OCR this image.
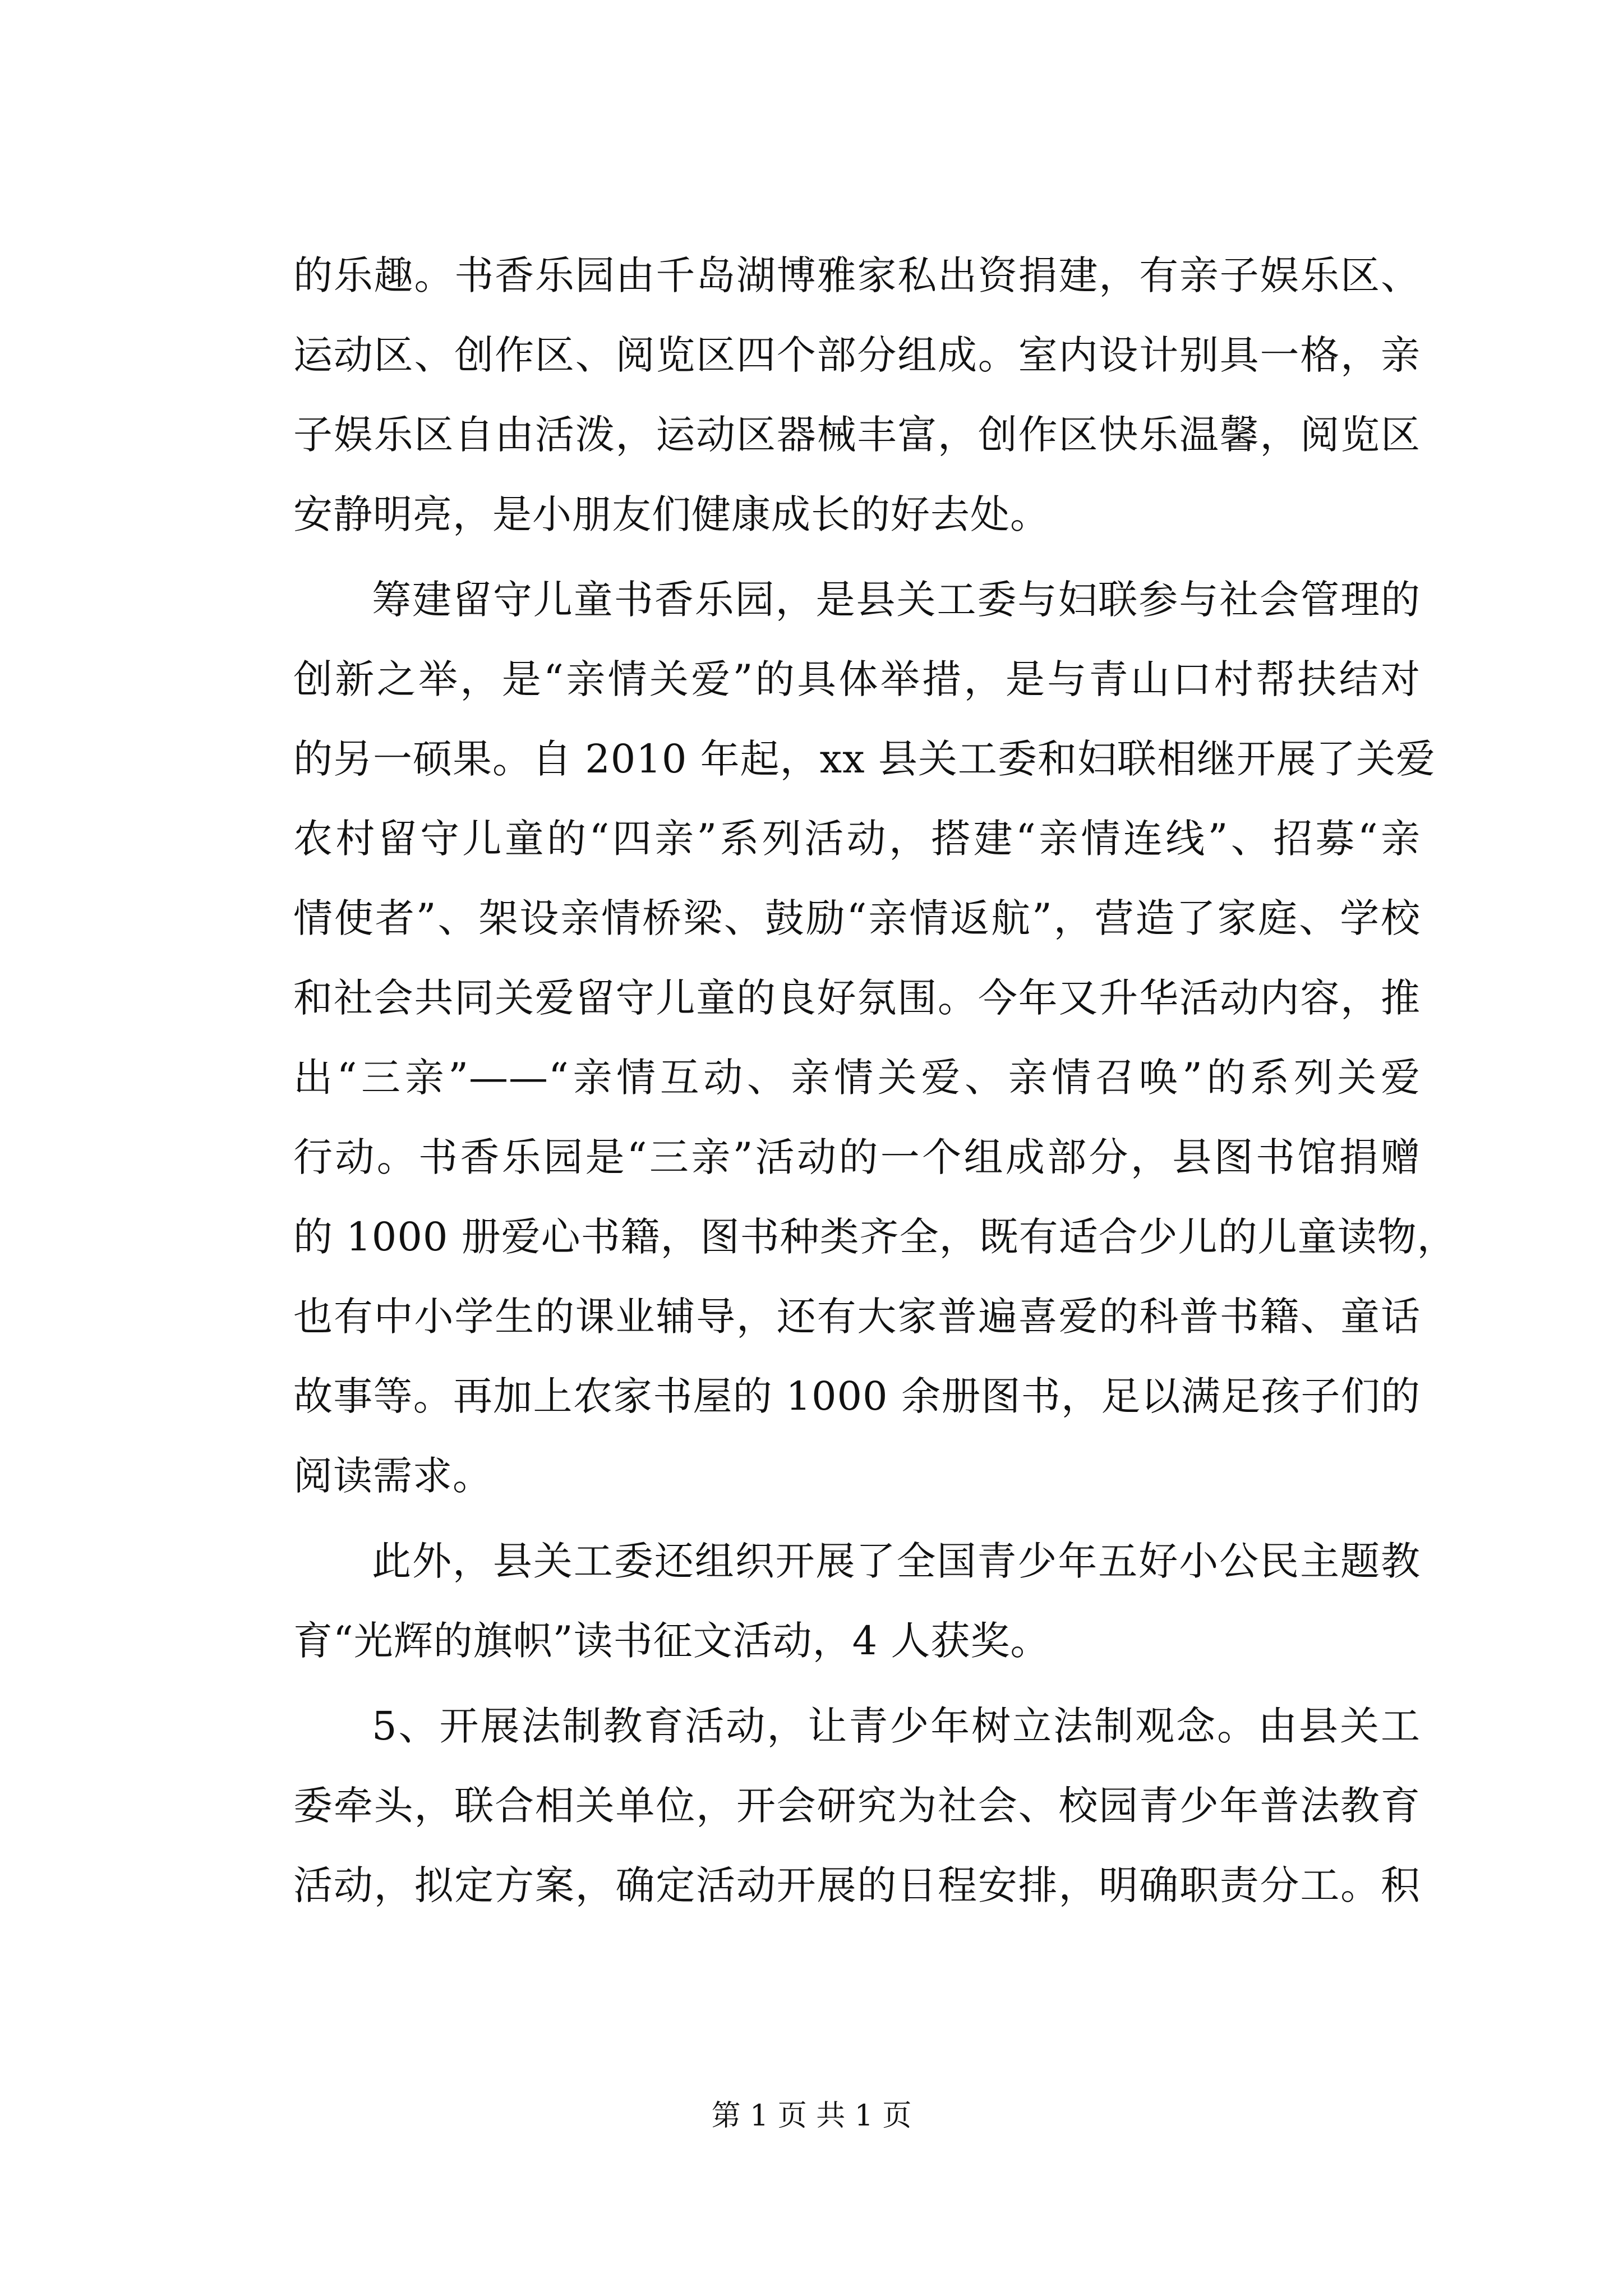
的乐趣。书香乐园由千岛湖博雅家私出资捐建，有亲子娱乐区、
运动区、创作区、阅览区四个部分组成。室内设计别具一格，亲
子娱乐区自由活泼，运动区器械丰富，创作区快乐温馨，阅览区
安静明亮，是小朋友们健康成长的好去处。
筹建留守儿童书香乐园，是县关工委与妇联参与社会管理的
创新之举，是“亲情关爱”的具体举措，是与青山口村帮扶结对
的另一硕果。自 2010 年起，xx 县关工委和妇联相继开展了关爱
农村留守儿童的“四亲”系列活动，搭建“亲情连线”、招募“亲
情使者”、架设亲情桥梁、鼓励“亲情返航”，营造了家庭、学校
和社会共同关爱留守儿童的良好氛围。今年又升华活动内容，推
出“三亲”——“亲情互动、亲情关爱、亲情召唤”的系列关爱
行动。书香乐园是“三亲”活动的一个组成部分，县图书馆捐赠
的 1000 册爱心书籍，图书种类齐全，既有适合少儿的儿童读物，
也有中小学生的课业辅导，还有大家普遍喜爱的科普书籍、童话
故事等。再加上农家书屋的 1000 余册图书，足以满足孩子们的
阅读需求。
此外，县关工委还组织开展了全国青少年五好小公民主题教
育“光辉的旗帜”读书征文活动，4 人获奖。
5、开展法制教育活动，让青少年树立法制观念。由县关工
委牵头，联合相关单位，开会研究为社会、校园青少年普法教育
活动，拟定方案，确定活动开展的日程安排，明确职责分工。积
第 1 页 共 1 页
